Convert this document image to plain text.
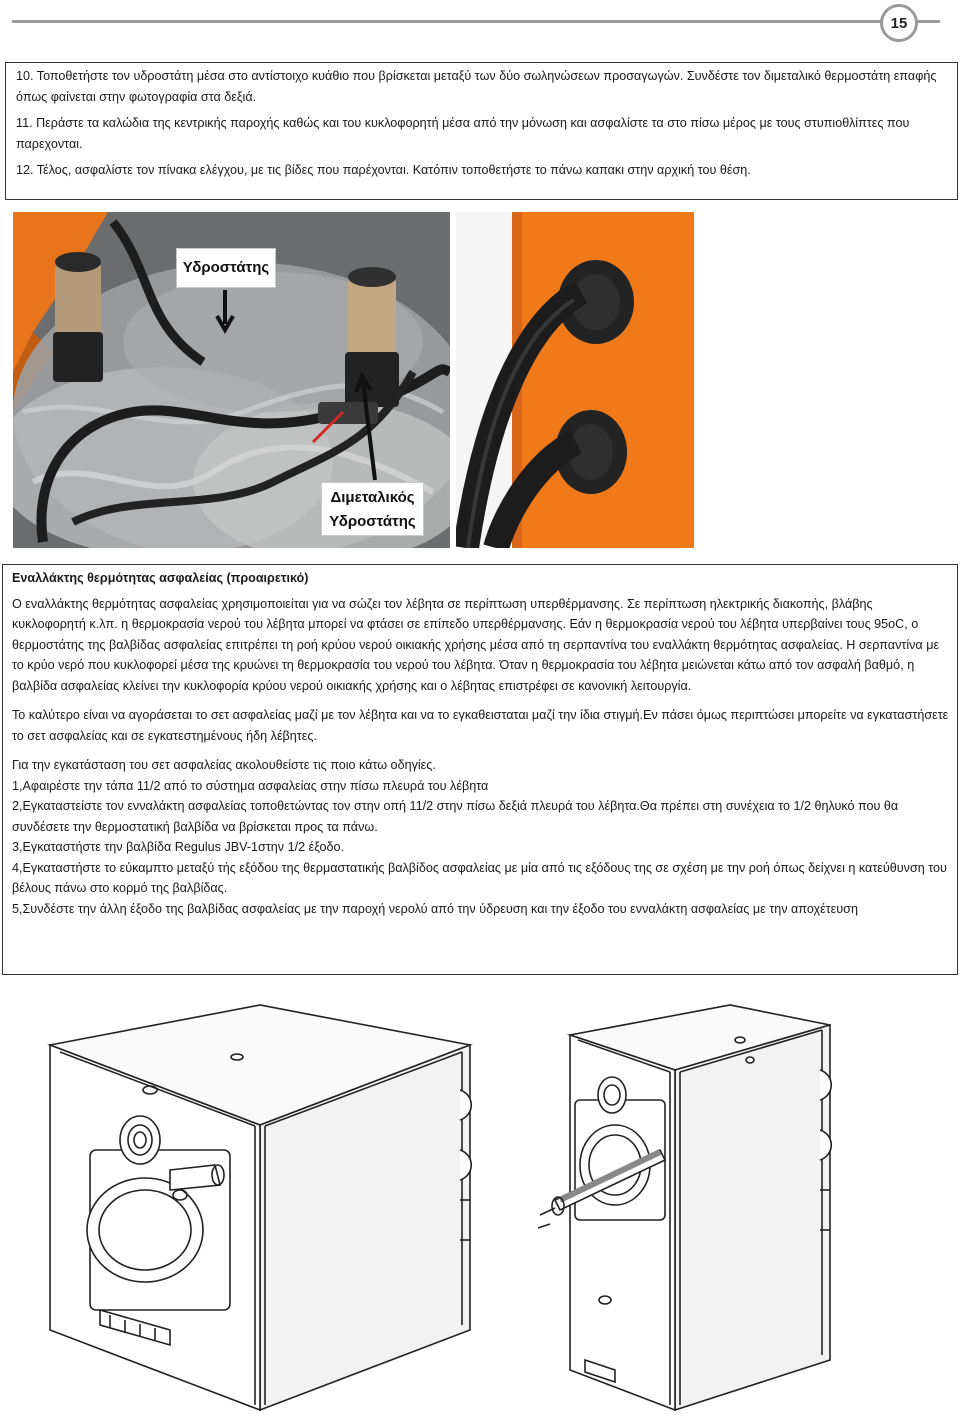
15

10. Τοποθετήστε τον υδροστάτη μέσα στο αντίστοιχο κυάθιο που βρίσκεται μεταξύ των δύο σωληνώσεων προσαγωγών. Συνδέστε τον διμεταλικό θερμοστάτη επαφής όπως φαίνεται στην φωτογραφία στα δεξιά.

11. Περάστε τα καλώδια της κεντρικής παροχής καθώς και του κυκλοφορητή μέσα από την μόνωση και ασφαλίστε τα στο πίσω μέρος με τους στυπιοθλίπτες που παρεχονται.

12. Τέλος, ασφαλίστε τον πίνακα ελέγχου, με τις βίδες που παρέχονται. Κατόπιν τοποθετήστε το πάνω καπακι στην αρχική του θέση.

Υδροστάτης
Διμεταλικός
Υδροστάτης

Εναλλάκτης θερμότητας ασφαλείας (προαιρετικό)

Ο εναλλάκτης θερμότητας ασφαλείας χρησιμοποιείται για να σώζει τον λέβητα σε περίπτωση υπερθέρμανσης. Σε περίπτωση ηλεκτρικής διακοπής, βλάβης κυκλοφορητή κ.λπ. η θερμοκρασία νερού του λέβητα μπορεί να φτάσει σε επίπεδο υπερθέρμανσης. Εάν η θερμοκρασία νερού του λέβητα υπερβαίνει τους 95oC, ο θερμοστάτης της βαλβίδας ασφαλείας επιτρέπει τη ροή κρύου νερού οικιακής χρήσης μέσα από τη σερπαντίνα του εναλλάκτη θερμότητας ασφαλείας. Η σερπαντίνα με το κρύο νερό που κυκλοφορεί μέσα της κρυώνει τη θερμοκρασία του νερού του λέβητα. Όταν η θερμοκρασία του λέβητα μειώνεται κάτω από τον ασφαλή βαθμό, η βαλβίδα ασφαλείας κλείνει την κυκλοφορία κρύου νερού οικιακής χρήσης και ο λέβητας επιστρέφει σε κανονική λειτουργία.

Το καλύτερο είναι να αγοράσεται το σετ ασφαλείας μαζί με τον λέβητα και να το εγκαθεισταται μαζί την ίδια στιγμή.Εν πάσει όμως περιπτώσει μπορείτε να εγκαταστήσετε το σετ ασφαλείας και σε εγκατεστημένους ήδη λέβητες.

Για την εγκατάσταση του σετ ασφαλείας ακολουθείστε τις ποιο κάτω οδηγίες.

1,Αφαιρέστε την τάπα 11/2 από το σύστημα ασφαλείας στην πίσω πλευρά του λέβητα

2,Εγκαταστείστε τον ενναλάκτη ασφαλείας τοποθετώντας τον στην οπή 11/2 στην πίσω δεξιά πλευρά του λέβητα.Θα πρέπει στη συνέχεια το 1/2 θηλυκό που θα συνδέσετε την θερμοστατική βαλβίδα να βρίσκεται προς τα πάνω.

3,Εγκαταστήστε την βαλβίδα Regulus JBV-1στην 1/2 έξοδο.

4,Εγκαταστήστε το εύκαμπτο μεταξύ τής εξόδου της θερμαστατικής βαλβίδος ασφαλείας με μία από τις εξόδους της σε σχέση με την ροή όπως δείχνει η κατεύθυνση του βέλους πάνω στο κορμό της βαλβίδας.

5,Συνδέστε την άλλη έξοδο της βαλβίδας ασφαλείας με την παροχή νερολύ από την ύδρευση και την έξοδο του ενναλάκτη ασφαλείας με την αποχέτευση
